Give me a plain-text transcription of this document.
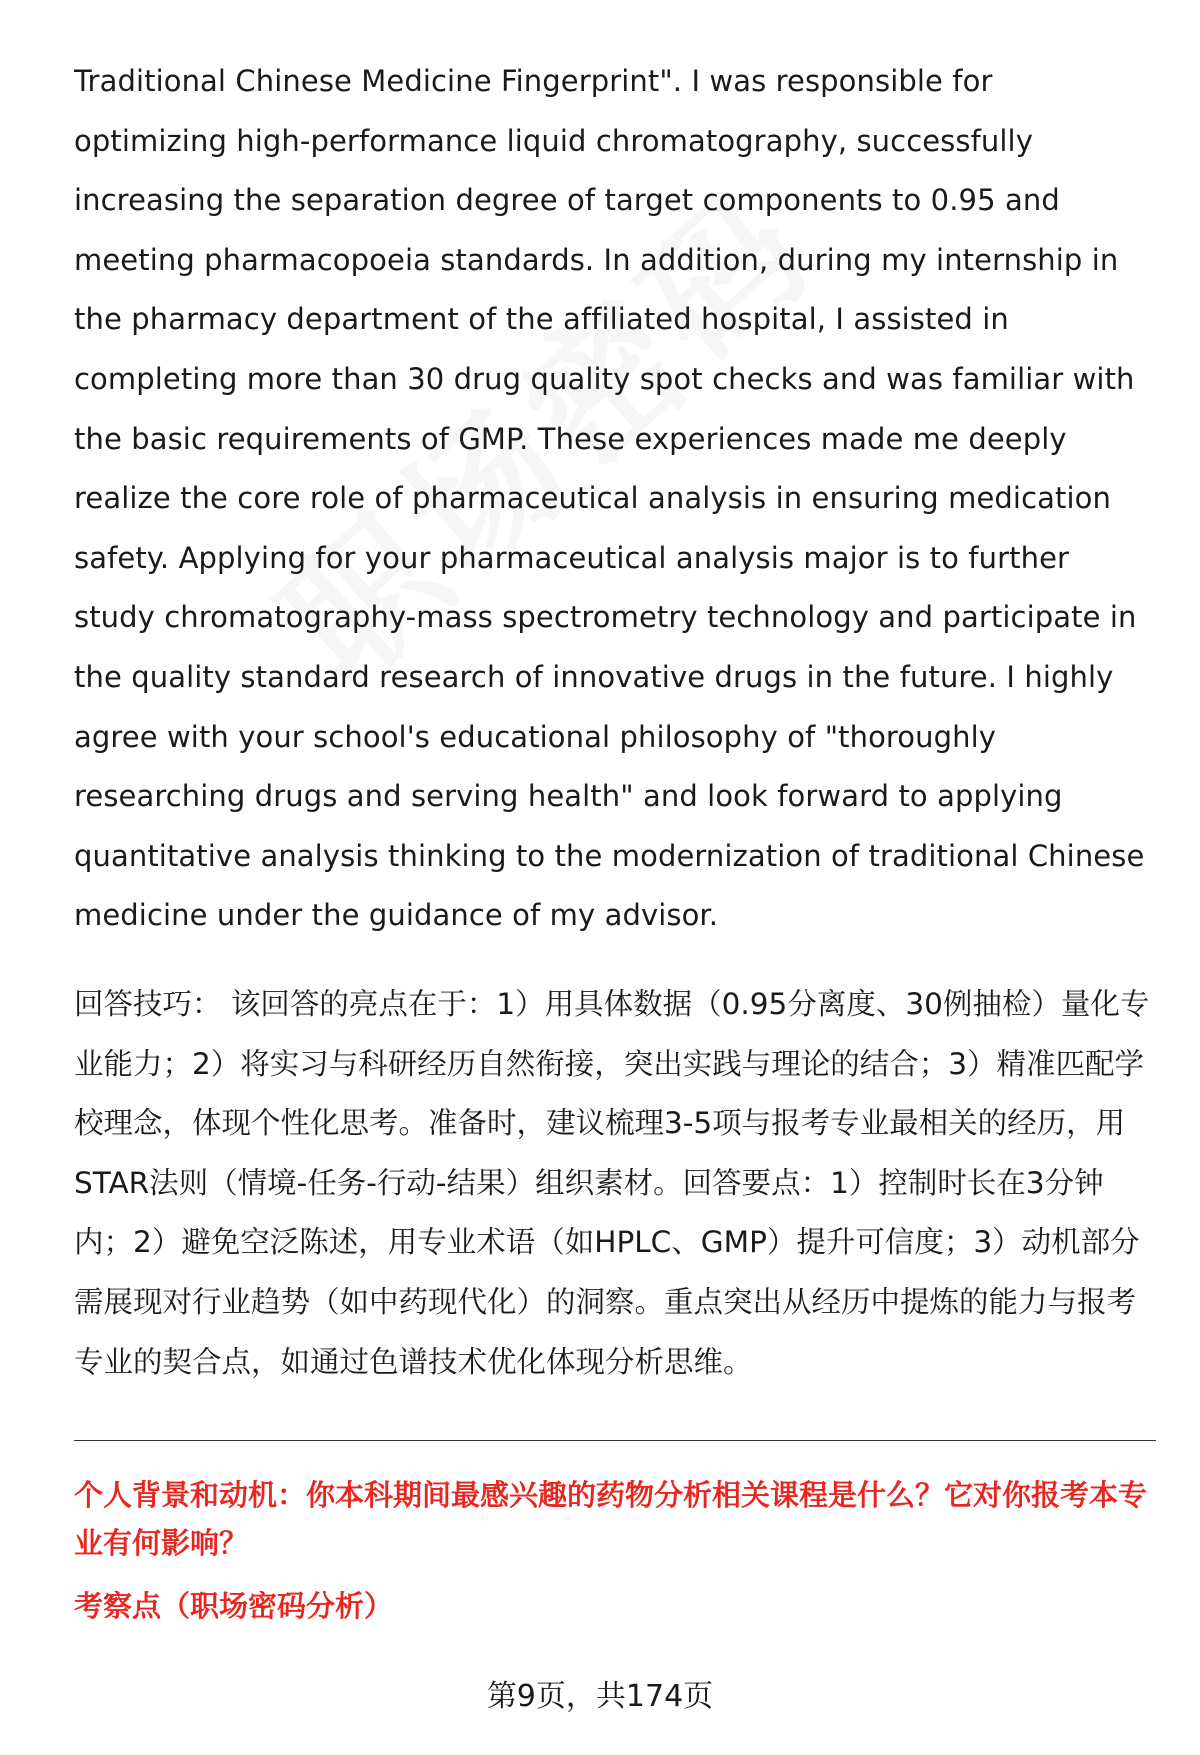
Traditional Chinese Medicine Fingerprint". I was responsible for optimizing high-performance liquid chromatography, successfully increasing the separation degree of target components to 0.95 and meeting pharmacopoeia standards. In addition, during my internship in the pharmacy department of the affiliated hospital, I assisted in completing more than 30 drug quality spot checks and was familiar with the basic requirements of GMP. These experiences made me deeply realize the core role of pharmaceutical analysis in ensuring medication safety. Applying for your pharmaceutical analysis major is to further study chromatography-mass spectrometry technology and participate in the quality standard research of innovative drugs in the future. I highly agree with your school's educational philosophy of "thoroughly researching drugs and serving health" and look forward to applying quantitative analysis thinking to the modernization of traditional Chinese medicine under the guidance of my advisor.

回答技巧： 该回答的亮点在于：1）用具体数据（0.95分离度、30例抽检）量化专业能力；2）将实习与科研经历自然衔接，突出实践与理论的结合；3）精准匹配学校理念，体现个性化思考。准备时，建议梳理3-5项与报考专业最相关的经历，用STAR法则（情境-任务-行动-结果）组织素材。回答要点：1）控制时长在3分钟内；2）避免空泛陈述，用专业术语（如HPLC、GMP）提升可信度；3）动机部分需展现对行业趋势（如中药现代化）的洞察。重点突出从经历中提炼的能力与报考专业的契合点，如通过色谱技术优化体现分析思维。

个人背景和动机：你本科期间最感兴趣的药物分析相关课程是什么？它对你报考本专业有何影响？

考察点（职场密码分析）

第9页，共174页
